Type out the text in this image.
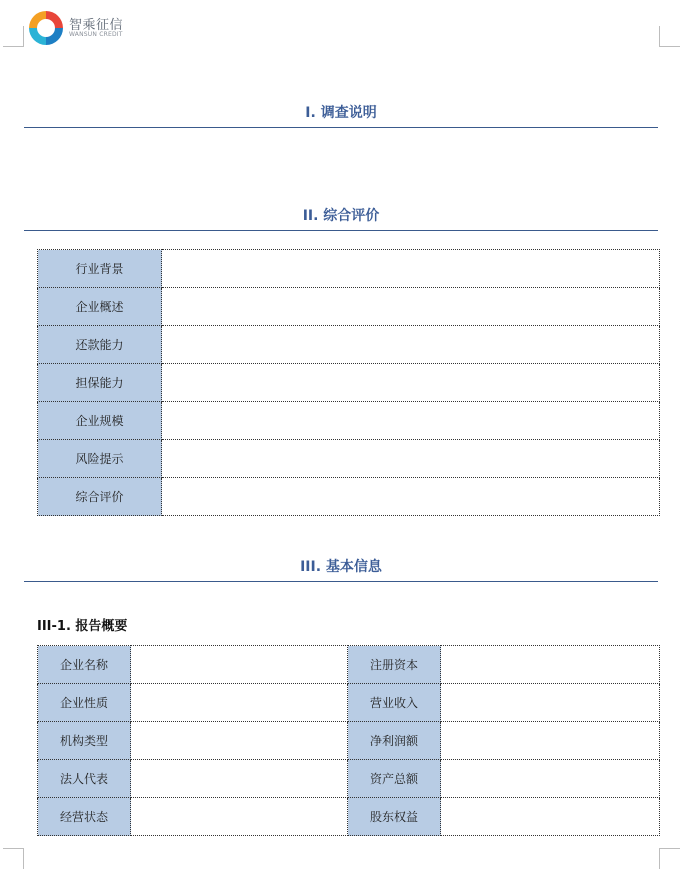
智乘征信
WANSUN CREDIT
I. 调查说明
II. 综合评价
行业背景	
企业概述	
还款能力	
担保能力	
企业规模	
风险提示	
综合评价	
III. 基本信息
III-1. 报告概要
企业名称		注册资本	
企业性质		营业收入	
机构类型		净利润额	
法人代表		资产总额	
经营状态		股东权益	
